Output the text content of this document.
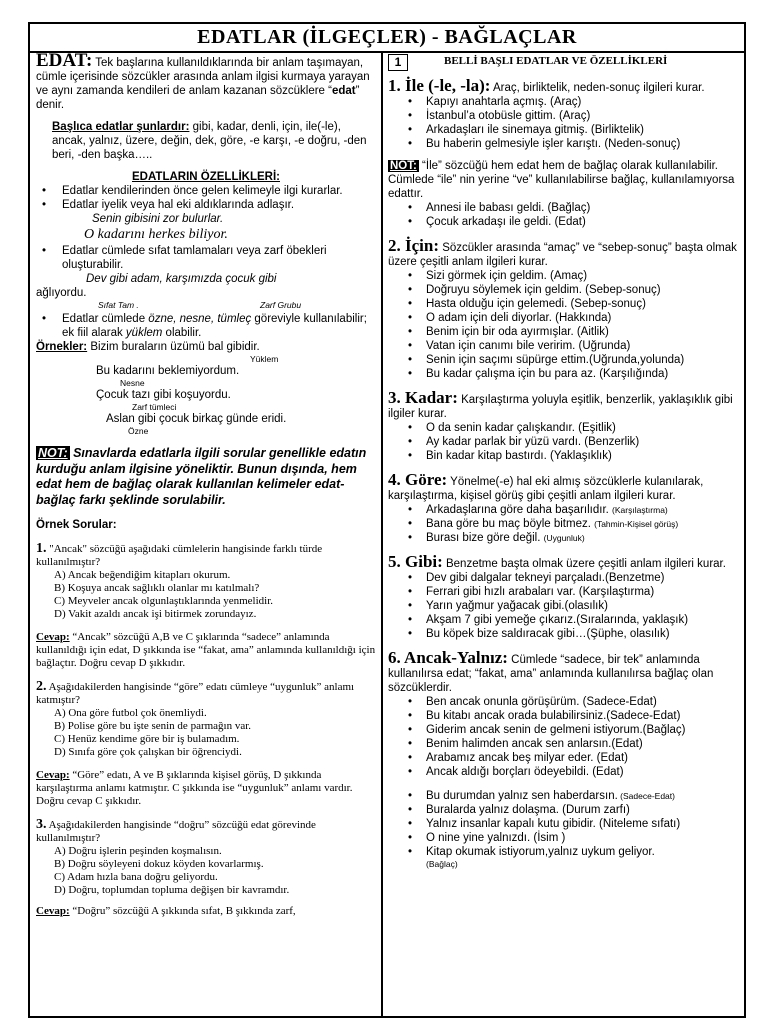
EDATLAR (İLGEÇLER) - BAĞLAÇLAR

EDAT: Tek başlarına kullanıldıklarında bir anlam taşımayan, cümle içerisinde sözcükler arasında anlam ilgisi kurmaya yarayan ve aynı zamanda kendileri de anlam kazanan sözcüklere “edat” denir.

Başlıca edatlar şunlardır: gibi, kadar, denli, için, ile(-le), ancak, yalnız, üzere, değin, dek, göre, -e karşı, -e doğru, -den beri, -den başka…..

EDATLARIN ÖZELLİKLERİ:

• Edatlar kendilerinden önce gelen kelimeyle ilgi kurarlar.
• Edatlar iyelik veya hal eki aldıklarında adlaşır.
Senin gibisini zor bulurlar.
O kadarını herkes biliyor.
• Edatlar cümlede sıfat tamlamaları veya zarf öbekleri oluşturabilir.
Dev gibi adam, karşımızda çocuk gibi
ağlıyordu.
Sıfat Tam .	Zarf Grubu
• Edatlar cümlede özne, nesne, tümleç göreviyle kullanılabilir; ek fiil alarak yüklem olabilir.

Örnekler: Bizim buraların üzümü bal gibidir.

Yüklem
Bu kadarını beklemiyordum.
Nesne
Çocuk tazı gibi koşuyordu.
Zarf tümleci
Aslan gibi çocuk birkaç günde eridi.
Özne

NOT: Sınavlarda edatlarla ilgili sorular genellikle edatın kurduğu anlam ilgisine yöneliktir. Bunun dışında, hem edat hem de bağlaç olarak kullanılan kelimeler edat-bağlaç farkı şeklinde sorulabilir.

Örnek Sorular:

1. "Ancak" sözcüğü aşağıdaki cümlelerin hangisinde farklı türde kullanılmıştır?
A) Ancak beğendiğim kitapları okurum.
B) Koşuya ancak sağlıklı olanlar mı katılmalı?
C) Meyveler ancak olgunlaştıklarında yenmelidir.
D) Vakit azaldı ancak işi bitirmek zorundayız.
Cevap: “Ancak” sözcüğü A,B ve C şıklarında “sadece” anlamında kullanıldığı için edat, D şıkkında ise “fakat, ama” anlamında kullanıldığı için bağlaçtır. Doğru cevap D şıkkıdır.
2. Aşağıdakilerden hangisinde “göre” edatı cümleye “uygunluk” anlamı katmıştır?
A) Ona göre futbol çok önemliydi.
B) Polise göre bu işte senin de parmağın var.
C) Henüz kendime göre bir iş bulamadım.
D) Sınıfa göre çok çalışkan bir öğrenciydi.
Cevap: “Göre” edatı, A ve B şıklarında kişisel görüş, D şıkkında karşılaştırma anlamı katmıştır. C şıkkında ise “uygunluk” anlamı vardır. Doğru cevap C şıkkıdır.
3. Aşağıdakilerden hangisinde “doğru” sözcüğü edat görevinde kullanılmıştır?
A) Doğru işlerin peşinden koşmalısın.
B) Doğru söyleyeni dokuz köyden kovarlarmış.
C) Adam hızla bana doğru geliyordu.
D) Doğru, toplumdan topluma değişen bir kavramdır.
Cevap: “Doğru” sözcüğü A şıkkında sıfat, B şıkkında zarf,
1	BELLİ BAŞLI EDATLAR VE ÖZELLİKLERİ

1. İle (-le, -la): Araç, birliktelik, neden-sonuç ilgileri kurar.

• Kapıyı anahtarla açmış. (Araç)
• İstanbul’a otobüsle gittim. (Araç)
• Arkadaşları ile sinemaya gitmiş. (Birliktelik)
• Bu haberin gelmesiyle işler karıştı. (Neden-sonuç)

NOT: “İle” sözcüğü hem edat hem de bağlaç olarak kullanılabilir. Cümlede “ile” nin yerine “ve” kullanılabilirse bağlaç, kullanılamıyorsa edattır.

• Annesi ile babası geldi. (Bağlaç)
• Çocuk arkadaşı ile geldi. (Edat)

2. İçin: Sözcükler arasında “amaç” ve “sebep-sonuç” başta olmak üzere çeşitli anlam ilgileri kurar.

• Sizi görmek için geldim. (Amaç)
• Doğruyu söylemek için geldim. (Sebep-sonuç)
• Hasta olduğu için gelemedi. (Sebep-sonuç)
• O adam için deli diyorlar. (Hakkında)
• Benim için bir oda ayırmışlar. (Aitlik)
• Vatan için canımı bile veririm. (Uğrunda)
• Senin için saçımı süpürge ettim.(Uğrunda,yolunda)
• Bu kadar çalışma için bu para az. (Karşılığında)

3. Kadar: Karşılaştırma yoluyla eşitlik, benzerlik, yaklaşıklık gibi ilgiler kurar.

• O da senin kadar çalışkandır. (Eşitlik)
• Ay kadar parlak bir yüzü vardı. (Benzerlik)
• Bin kadar kitap bastırdı. (Yaklaşıklık)

4. Göre: Yönelme(-e) hal eki almış sözcüklerle kulanılarak, karşılaştırma, kişisel görüş gibi çeşitli anlam ilgileri kurar.

• Arkadaşlarına göre daha başarılıdır. (Karşılaştırma)
• Bana göre bu maç böyle bitmez. (Tahmin-Kişisel görüş)
• Burası bize göre değil. (Uygunluk)

5. Gibi: Benzetme başta olmak üzere çeşitli anlam ilgileri kurar.

• Dev gibi dalgalar tekneyi parçaladı.(Benzetme)
• Ferrari gibi hızlı arabaları var. (Karşılaştırma)
• Yarın yağmur yağacak gibi.(olasılık)
• Akşam 7 gibi yemeğe çıkarız.(Sıralarında, yaklaşık)
• Bu köpek bize saldıracak gibi…(Şüphe, olasılık)

6. Ancak-Yalnız: Cümlede “sadece, bir tek” anlamında kullanılırsa edat; “fakat, ama” anlamında kullanılırsa bağlaç olan sözcüklerdir.

• Ben ancak onunla görüşürüm. (Sadece-Edat)
• Bu kitabı ancak orada bulabilirsiniz.(Sadece-Edat)
• Giderim ancak senin de gelmeni istiyorum.(Bağlaç)
• Benim halimden ancak sen anlarsın.(Edat)
• Arabamız ancak beş milyar eder. (Edat)
• Ancak aldığı borçları ödeyebildi. (Edat)
• Bu durumdan yalnız sen haberdarsın. (Sadece-Edat)
• Buralarda yalnız dolaşma. (Durum zarfı)
• Yalnız insanlar kapalı kutu gibidir. (Niteleme sıfatı)
• O nine yine yalnızdı. (İsim )
• Kitap okumak istiyorum,yalnız uykum geliyor.
(Bağlaç)
